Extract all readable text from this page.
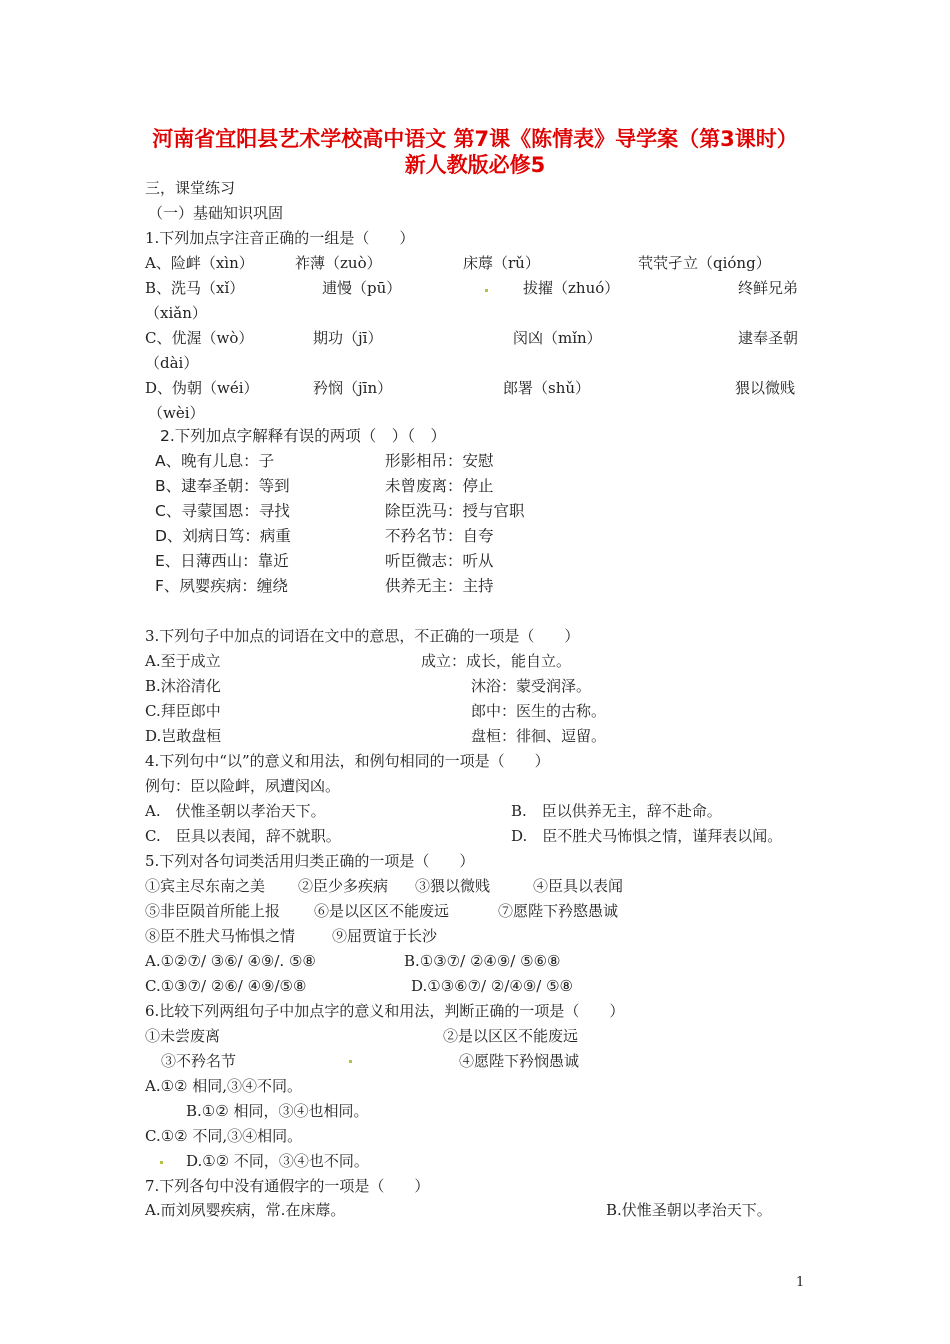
河南省宜阳县艺术学校高中语文 第7课《陈情表》导学案（第3课时）
新人教版必修5
三，课堂练习
（一）基础知识巩固
1.下列加点字注音正确的一组是（　　）
A、险衅（xìn）	祚薄（zuò）	床蓐（rǔ）	茕茕孑立（qióng）
B、洗马（xǐ）	逋慢（pū）	拔擢（zhuó）	终鲜兄弟
（xiǎn）
C、优渥（wò）	期功（jī）	闵凶（mǐn）	逮奉圣朝
（dài）
D、伪朝（wéi）	矜悯（jīn）	郎署（shǔ）	猥以微贱
（wèi）
2.下列加点字解释有误的两项（　）（　）
A、晚有儿息：子	形影相吊：安慰
B、逮奉圣朝：等到	未曾废离：停止
C、寻蒙国恩：寻找	除臣洗马：授与官职
D、刘病日笃：病重	不矜名节：自夸
E、日薄西山：靠近	听臣微志：听从
F、夙婴疾病：缠绕	供养无主：主持
3.下列句子中加点的词语在文中的意思，不正确的一项是（　　）
A.至于成立	成立：成长，能自立。
B.沐浴清化	沐浴：蒙受润泽。
C.拜臣郎中	郎中：医生的古称。
D.岂敢盘桓	盘桓：徘徊、逗留。
4.下列句中“以”的意义和用法，和例句相同的一项是（　　）
例句：臣以险衅，夙遭闵凶。
A.　伏惟圣朝以孝治天下。	B.　臣以供养无主，辞不赴命。
C.　臣具以表闻，辞不就职。	D.　臣不胜犬马怖惧之情，谨拜表以闻。
5.下列对各句词类活用归类正确的一项是（　　）
①宾主尽东南之美 ②臣少多疾病 ③猥以微贱	④臣具以表闻
⑤非臣陨首所能上报 ⑥是以区区不能废远	⑦愿陛下矜愍愚诚
⑧臣不胜犬马怖惧之情 ⑨屈贾谊于长沙
A.①②⑦/ ③⑥/ ④⑨/. ⑤⑧	B.①③⑦/ ②④⑨/ ⑤⑥⑧
C.①③⑦/ ②⑥/ ④⑨/⑤⑧	D.①③⑥⑦/ ②/④⑨/ ⑤⑧
6.比较下列两组句子中加点字的意义和用法，判断正确的一项是（　　）
①未尝废离	②是以区区不能废远
③不矜名节	④愿陛下矜悯愚诚
A.①② 相同,③④不同。
B.①② 相同，③④也相同。
C.①② 不同,③④相同。
D.①② 不同，③④也不同。
7.下列各句中没有通假字的一项是（　　）
A.而刘夙婴疾病，常.在床蓐。	B.伏惟圣朝以孝治天下。
1
